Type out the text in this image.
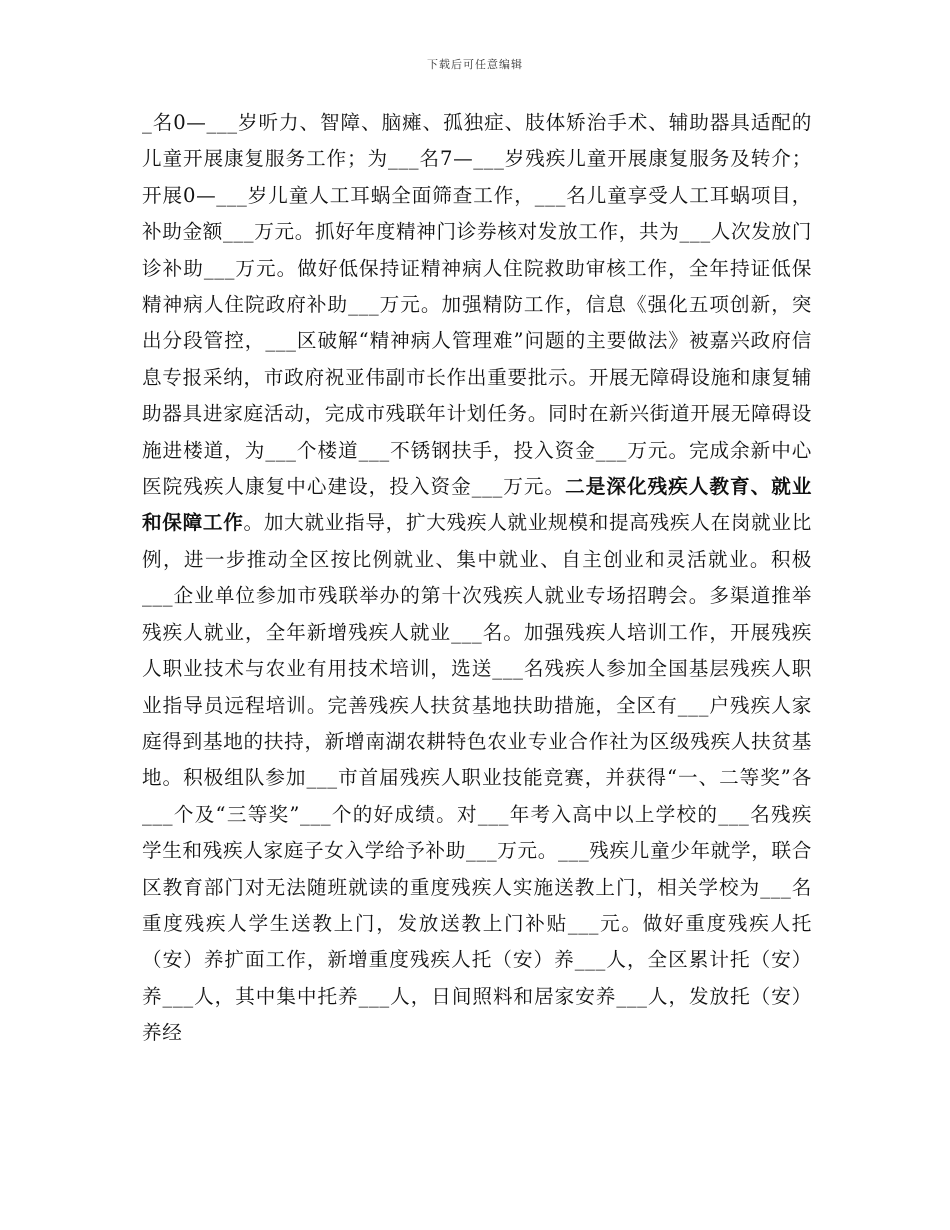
下载后可任意编辑
_名0—___岁听力、智障、脑瘫、孤独症、肢体矫治手术、辅助器具适配的儿童开展康复服务工作；为___名7—___岁残疾儿童开展康复服务及转介；开展0—___岁儿童人工耳蜗全面筛查工作，___名儿童享受人工耳蜗项目，补助金额___万元。抓好年度精神门诊券核对发放工作，共为___人次发放门诊补助___万元。做好低保持证精神病人住院救助审核工作，全年持证低保精神病人住院政府补助___万元。加强精防工作，信息《强化五项创新，突出分段管控，___区破解“精神病人管理难”问题的主要做法》被嘉兴政府信息专报采纳，市政府祝亚伟副市长作出重要批示。开展无障碍设施和康复辅助器具进家庭活动，完成市残联年计划任务。同时在新兴街道开展无障碍设施进楼道，为___个楼道___不锈钢扶手，投入资金___万元。完成余新中心医院残疾人康复中心建设，投入资金___万元。二是深化残疾人教育、就业和保障工作。加大就业指导，扩大残疾人就业规模和提高残疾人在岗就业比例，进一步推动全区按比例就业、集中就业、自主创业和灵活就业。积极___企业单位参加市残联举办的第十次残疾人就业专场招聘会。多渠道推举残疾人就业，全年新增残疾人就业___名。加强残疾人培训工作，开展残疾人职业技术与农业有用技术培训，选送___名残疾人参加全国基层残疾人职业指导员远程培训。完善残疾人扶贫基地扶助措施，全区有___户残疾人家庭得到基地的扶持，新增南湖农耕特色农业专业合作社为区级残疾人扶贫基地。积极组队参加___市首届残疾人职业技能竞赛，并获得“一、二等奖”各___个及“三等奖”___个的好成绩。对___年考入高中以上学校的___名残疾学生和残疾人家庭子女入学给予补助___万元。___残疾儿童少年就学，联合区教育部门对无法随班就读的重度残疾人实施送教上门，相关学校为___名重度残疾人学生送教上门，发放送教上门补贴___元。做好重度残疾人托（安）养扩面工作，新增重度残疾人托（安）养___人，全区累计托（安）养___人，其中集中托养___人，日间照料和居家安养___人，发放托（安）养经
